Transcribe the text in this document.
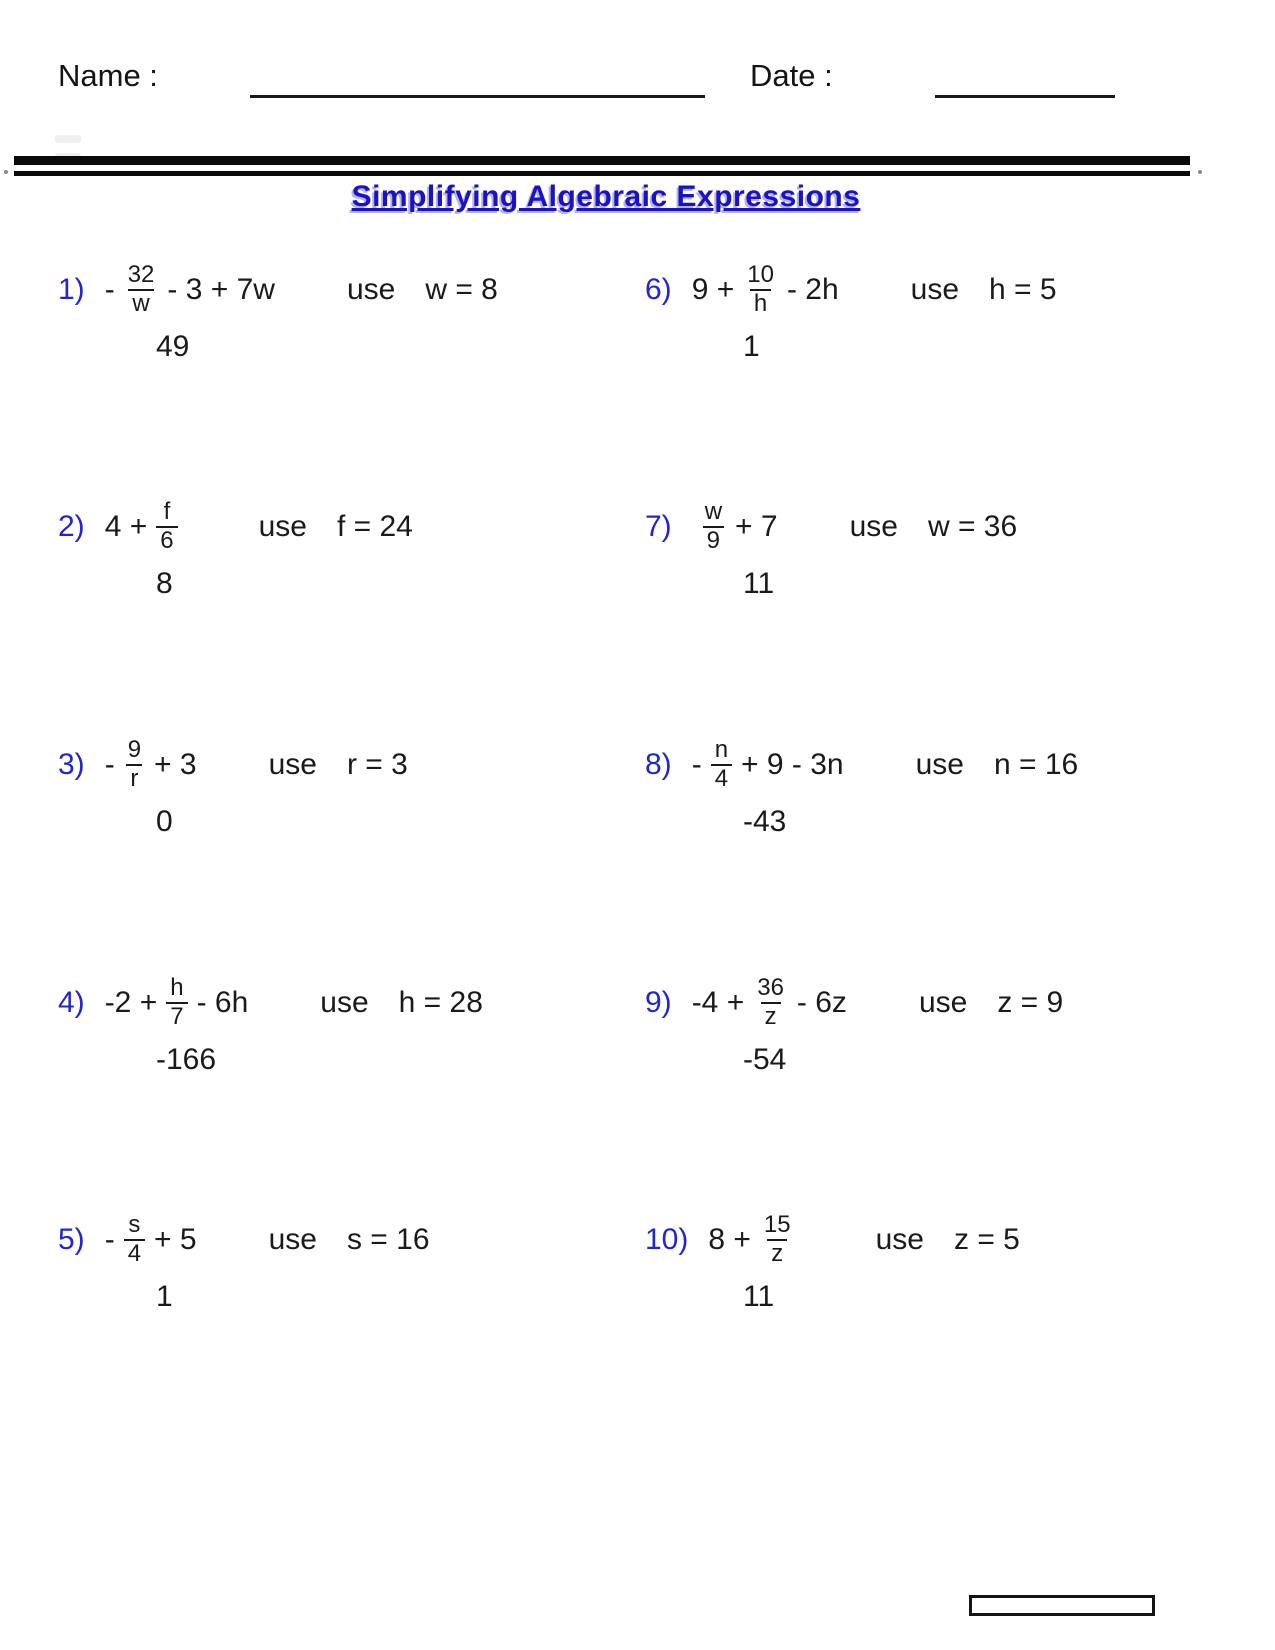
Name :	Date :
Simplifying Algebraic Expressions
$1) - \frac{32}{w} - 3 + 7w$ use w = 8
49
2) $4 + \frac{f}{6}$	use f = 24
8
$3) - \frac{9}{r} + 3$ use r = 3
0
4) $-2 + \frac{h}{7} - 6h$ use h = 28
-166
$5) - \frac{s}{4} + 5$ use s = 16
1
6) $9 + \frac{10}{h} - 2h$ use h = 5
1
$7) \frac{w}{9} + 7$ use w = 36
11
$8) - \frac{n}{4} + 9 - 3n$ use n = 16
-43
9) $-4 + \frac{36}{z} - 6z$ use z = 9
-54
10) $8 + \frac{15}{z}$	use z = 5
11
